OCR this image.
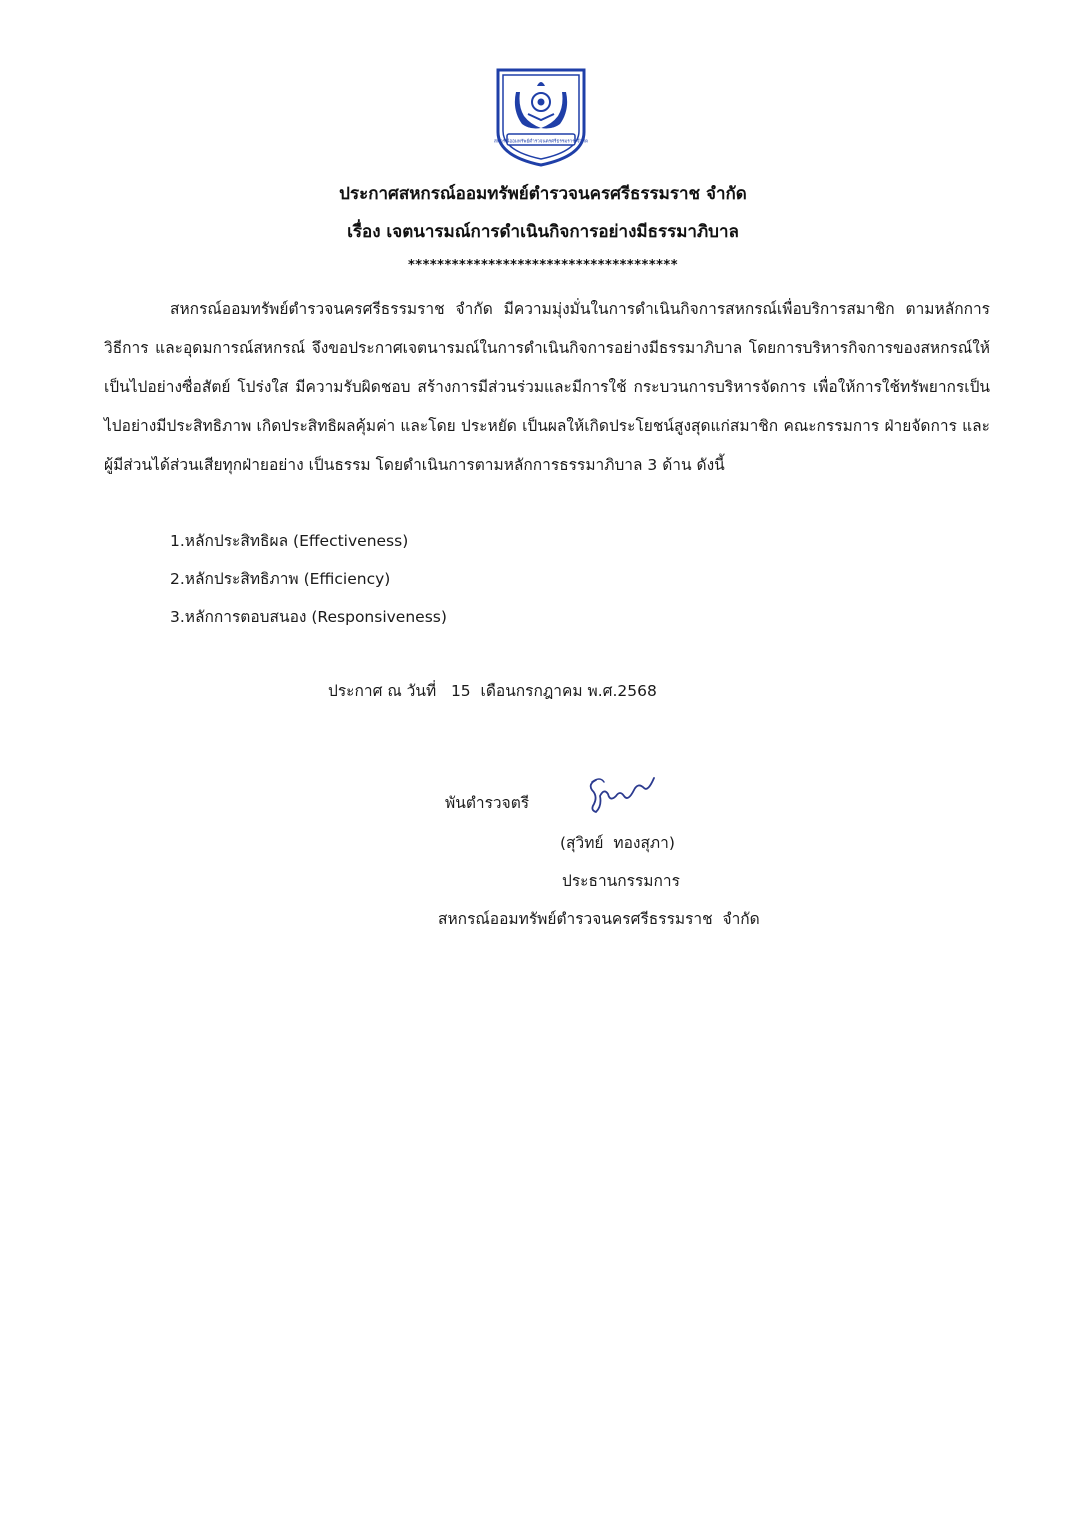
สหกรณ์ออมทรัพย์ตำรวจนครศรีธรรมราช จำกัด
ประกาศสหกรณ์ออมทรัพย์ตำรวจนครศรีธรรมราช จำกัด
เรื่อง เจตนารมณ์การดำเนินกิจการอย่างมีธรรมาภิบาล
*************************************
สหกรณ์ออมทรัพย์ตำรวจนครศรีธรรมราช จำกัด มีความมุ่งมั่นในการดำเนินกิจการสหกรณ์เพื่อบริการสมาชิก ตามหลักการ วิธีการ และอุดมการณ์สหกรณ์ จึงขอประกาศเจตนารมณ์ในการดำเนินกิจการอย่างมีธรรมาภิบาล โดยการบริหารกิจการของสหกรณ์ให้เป็นไปอย่างซื่อสัตย์ โปร่งใส มีความรับผิดชอบ สร้างการมีส่วนร่วมและมีการใช้ กระบวนการบริหารจัดการ เพื่อให้การใช้ทรัพยากรเป็นไปอย่างมีประสิทธิภาพ เกิดประสิทธิผลคุ้มค่า และโดย ประหยัด เป็นผลให้เกิดประโยชน์สูงสุดแก่สมาชิก คณะกรรมการ ฝ่ายจัดการ และผู้มีส่วนได้ส่วนเสียทุกฝ่ายอย่าง เป็นธรรม โดยดำเนินการตามหลักการธรรมาภิบาล 3 ด้าน ดังนี้
1.หลักประสิทธิผล (Effectiveness)
2.หลักประสิทธิภาพ (Efficiency)
3.หลักการตอบสนอง (Responsiveness)
ประกาศ ณ วันที่   15  เดือนกรกฎาคม พ.ศ.2568
พันตำรวจตรี
(สุวิทย์  ทองสุภา)
ประธานกรรมการ
สหกรณ์ออมทรัพย์ตำรวจนครศรีธรรมราช  จำกัด
